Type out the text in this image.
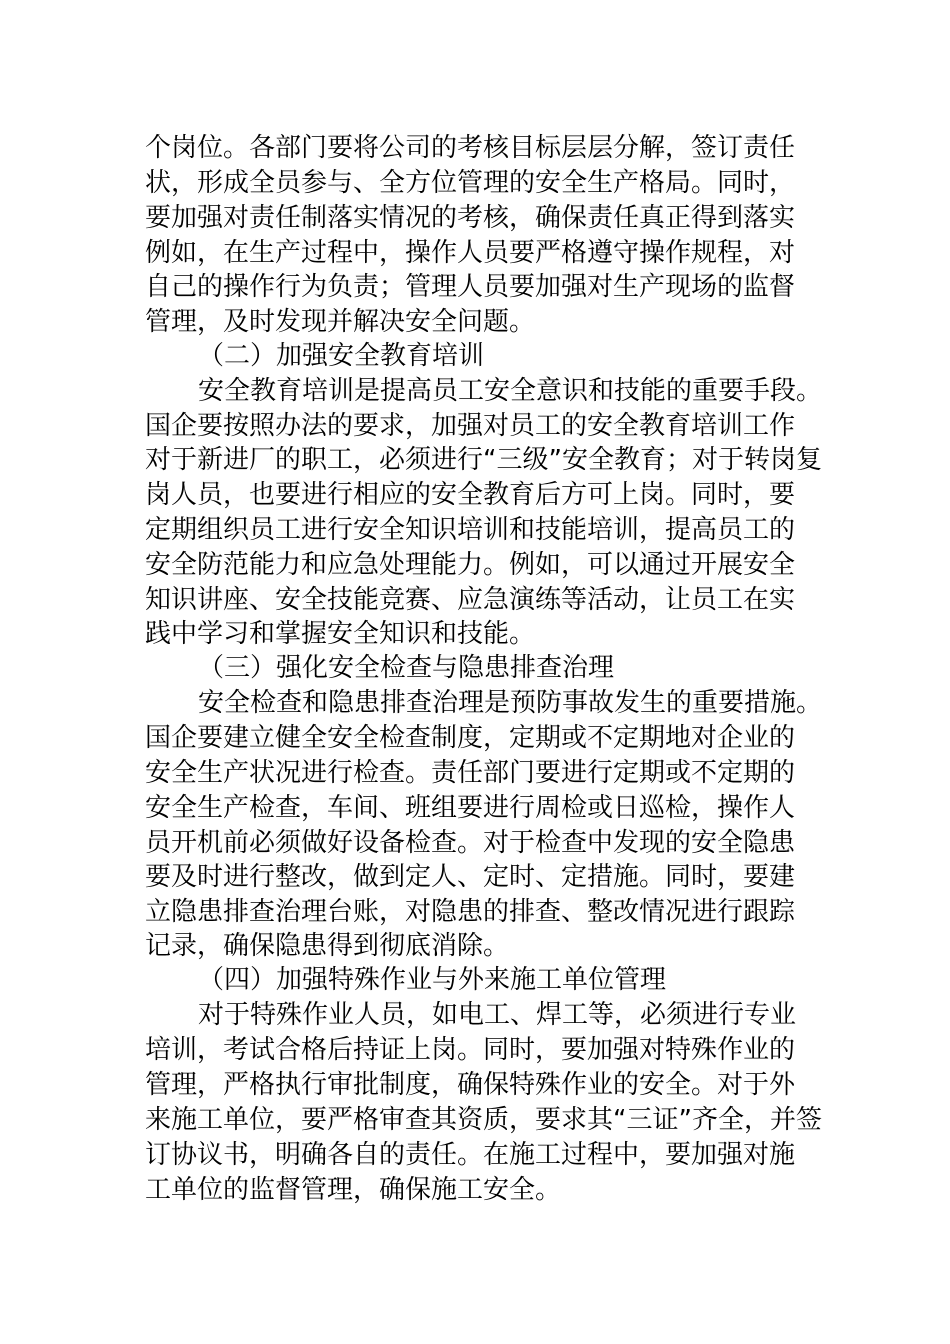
个岗位。各部门要将公司的考核目标层层分解，签订责任
状，形成全员参与、全方位管理的安全生产格局。同时，
要加强对责任制落实情况的考核，确保责任真正得到落实
例如，在生产过程中，操作人员要严格遵守操作规程，对
自己的操作行为负责；管理人员要加强对生产现场的监督
管理，及时发现并解决安全问题。
（二）加强安全教育培训
安全教育培训是提高员工安全意识和技能的重要手段。
国企要按照办法的要求，加强对员工的安全教育培训工作
对于新进厂的职工，必须进行“三级”安全教育；对于转岗复
岗人员，也要进行相应的安全教育后方可上岗。同时，要
定期组织员工进行安全知识培训和技能培训，提高员工的
安全防范能力和应急处理能力。例如，可以通过开展安全
知识讲座、安全技能竞赛、应急演练等活动，让员工在实
践中学习和掌握安全知识和技能。
（三）强化安全检查与隐患排查治理
安全检查和隐患排查治理是预防事故发生的重要措施。
国企要建立健全安全检查制度，定期或不定期地对企业的
安全生产状况进行检查。责任部门要进行定期或不定期的
安全生产检查，车间、班组要进行周检或日巡检，操作人
员开机前必须做好设备检查。对于检查中发现的安全隐患
要及时进行整改，做到定人、定时、定措施。同时，要建
立隐患排查治理台账，对隐患的排查、整改情况进行跟踪
记录，确保隐患得到彻底消除。
（四）加强特殊作业与外来施工单位管理
对于特殊作业人员，如电工、焊工等，必须进行专业
培训，考试合格后持证上岗。同时，要加强对特殊作业的
管理，严格执行审批制度，确保特殊作业的安全。对于外
来施工单位，要严格审查其资质，要求其“三证”齐全，并签
订协议书，明确各自的责任。在施工过程中，要加强对施
工单位的监督管理，确保施工安全。
